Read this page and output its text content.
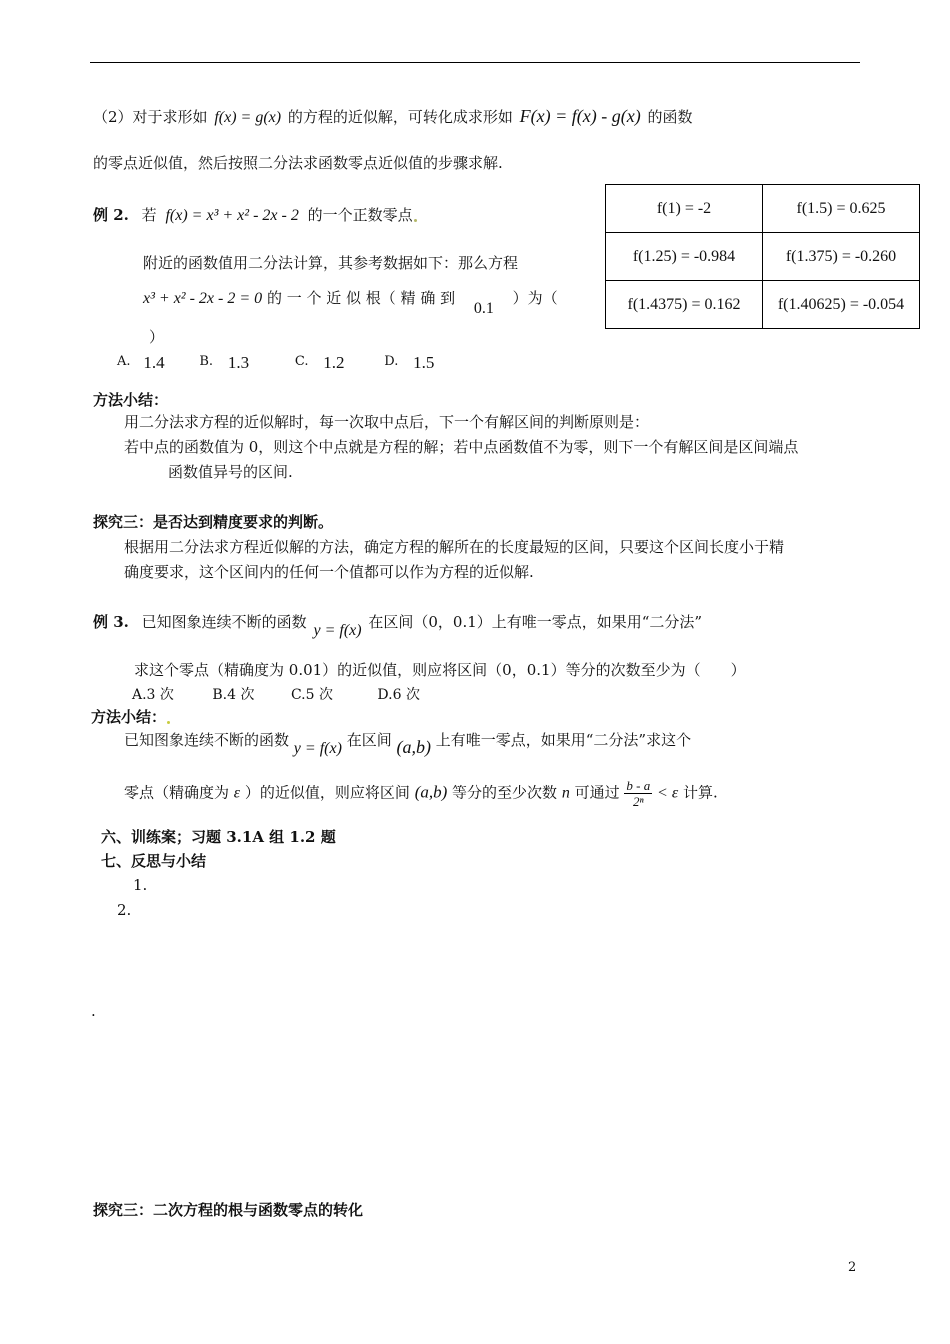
（2）对于求形如 f(x) = g(x) 的方程的近似解，可转化成求形如 F(x) = f(x) - g(x) 的函数
的零点近似值，然后按照二分法求函数零点近似值的步骤求解.
例 2. 若 f(x) = x³ + x² - 2x - 2 的一个正数零点
附近的函数值用二分法计算，其参考数据如下：那么方程
x³ + x² - 2x - 2 = 0 的 一 个 近 似 根（ 精 确 到 0.1 ）为（
）
A. 1.4	B. 1.3	C. 1.2	D. 1.5
f(1) = -2	f(1.5) = 0.625
f(1.25) = -0.984	f(1.375) = -0.260
f(1.4375) = 0.162	f(1.40625) = -0.054
方法小结：
用二分法求方程的近似解时，每一次取中点后，下一个有解区间的判断原则是：
若中点的函数值为 0，则这个中点就是方程的解；若中点函数值不为零，则下一个有解区间是区间端点
函数值异号的区间.
探究三：是否达到精度要求的判断。
根据用二分法求方程近似解的方法，确定方程的解所在的长度最短的区间，只要这个区间长度小于精
确度要求，这个区间内的任何一个值都可以作为方程的近似解.
例 3. 已知图象连续不断的函数 y = f(x) 在区间（0，0.1）上有唯一零点，如果用“二分法”
求这个零点（精确度为 0.01）的近似值，则应将区间（0，0.1）等分的次数至少为（　　）
A.3 次	B.4 次	C.5 次	D.6 次
方法小结：
已知图象连续不断的函数 y = f(x) 在区间 (a,b) 上有唯一零点，如果用“二分法”求这个
零点（精确度为 ε ）的近似值，则应将区间 (a,b) 等分的至少次数 n 可通过 $\frac{b - a}{\text{2ⁿ}} < \varepsilon$ 计算.
六、训练案；习题 3.1A 组 1.2 题
七、反思与小结
1.
2.
.
探究三：二次方程的根与函数零点的转化
2
